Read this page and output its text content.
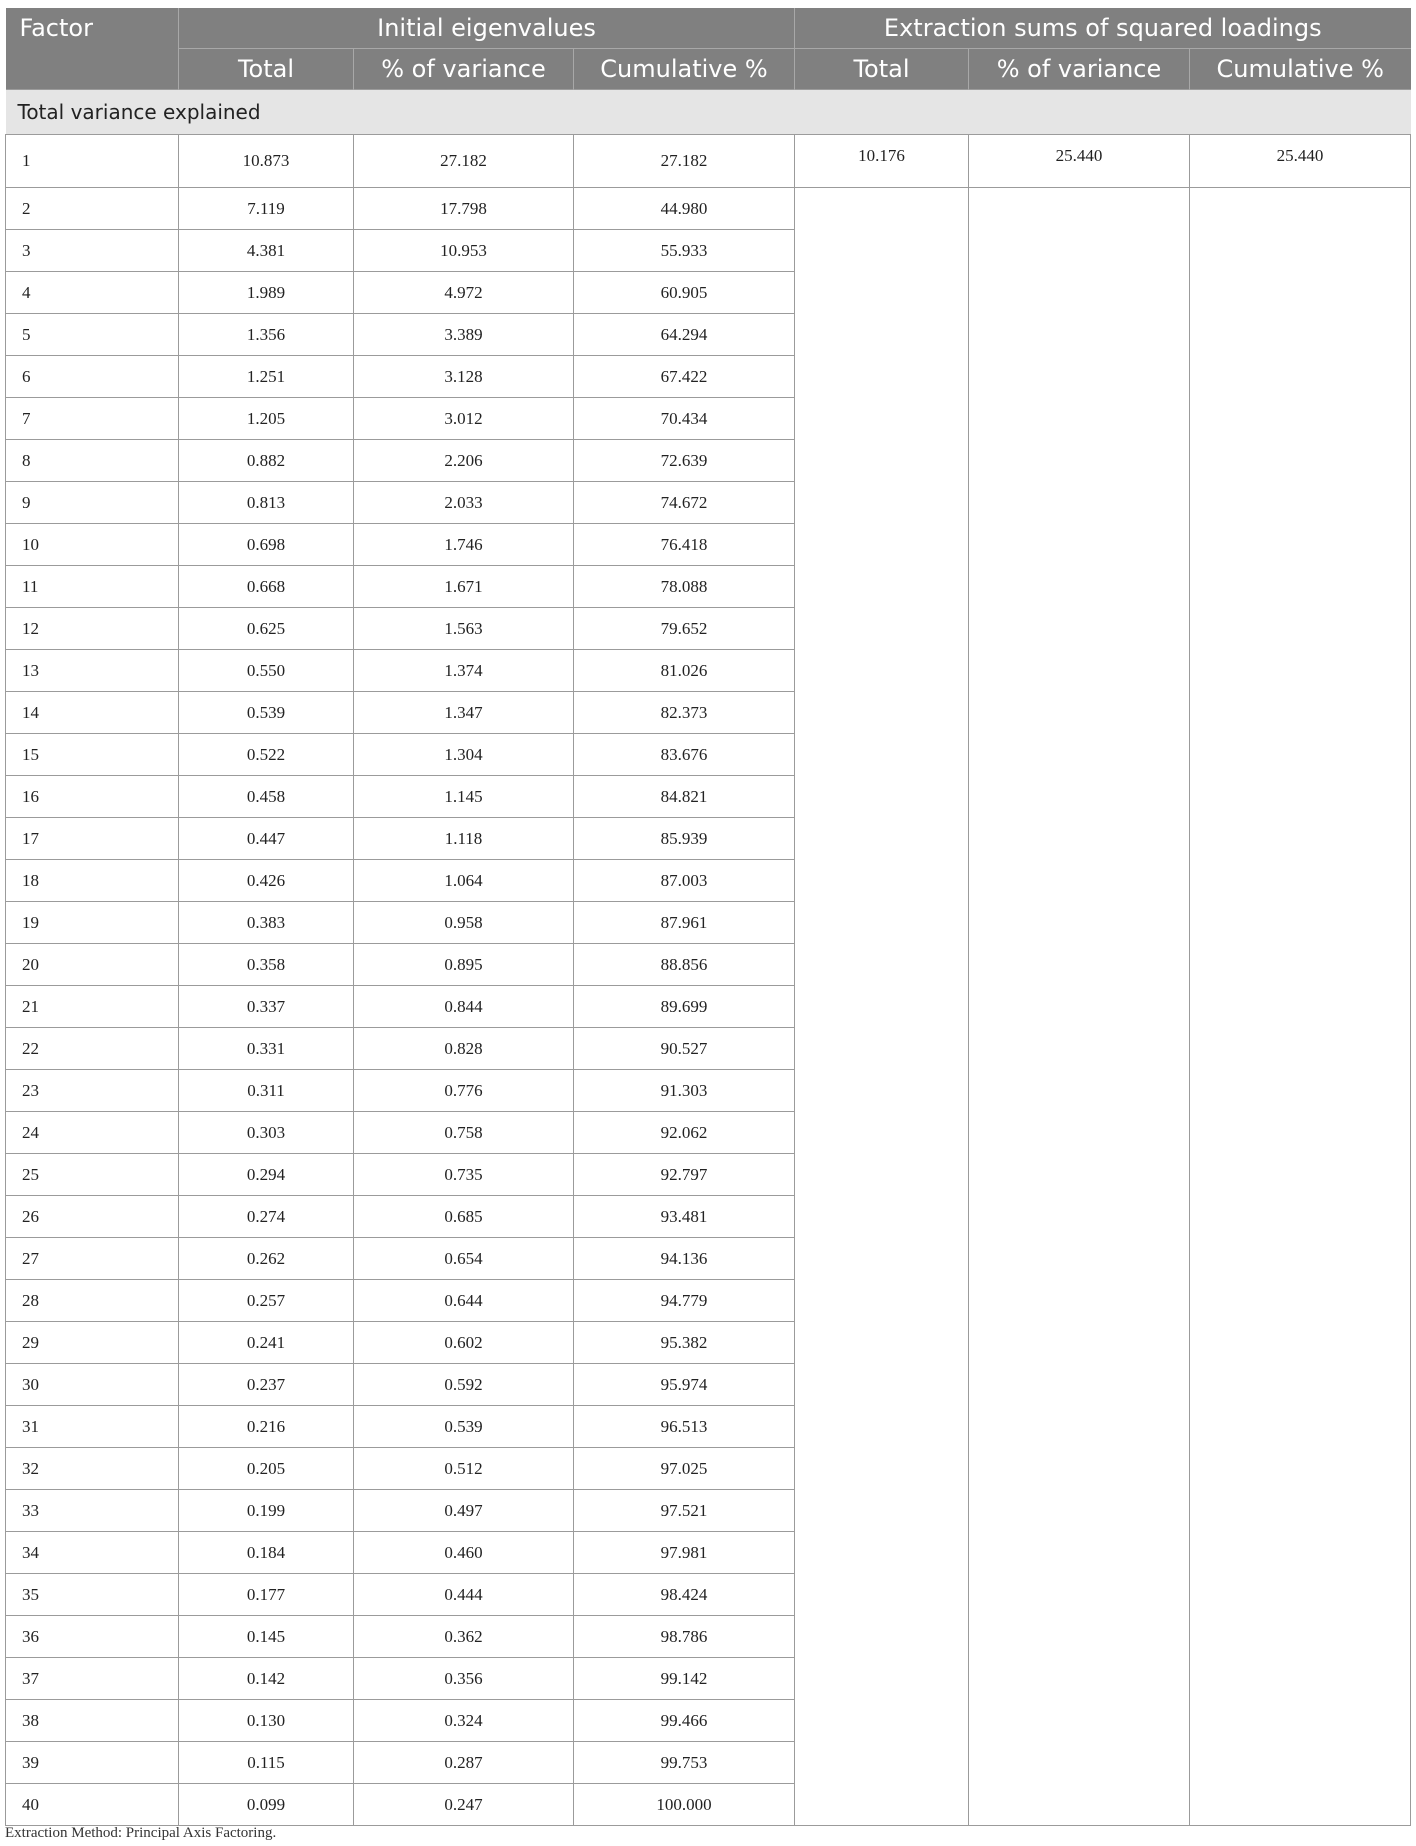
Factor	Initial eigenvalues			Extraction sums of squared loadings		
	Total	% of variance	Cumulative %	Total	% of variance	Cumulative %
Total variance explained						
1	10.873	27.182	27.182	10.176	25.440	25.440
2	7.119	17.798	44.980			
3	4.381	10.953	55.933			
4	1.989	4.972	60.905			
5	1.356	3.389	64.294			
6	1.251	3.128	67.422			
7	1.205	3.012	70.434			
8	0.882	2.206	72.639			
9	0.813	2.033	74.672			
10	0.698	1.746	76.418			
11	0.668	1.671	78.088			
12	0.625	1.563	79.652			
13	0.550	1.374	81.026			
14	0.539	1.347	82.373			
15	0.522	1.304	83.676			
16	0.458	1.145	84.821			
17	0.447	1.118	85.939			
18	0.426	1.064	87.003			
19	0.383	0.958	87.961			
20	0.358	0.895	88.856			
21	0.337	0.844	89.699			
22	0.331	0.828	90.527			
23	0.311	0.776	91.303			
24	0.303	0.758	92.062			
25	0.294	0.735	92.797			
26	0.274	0.685	93.481			
27	0.262	0.654	94.136			
28	0.257	0.644	94.779			
29	0.241	0.602	95.382			
30	0.237	0.592	95.974			
31	0.216	0.539	96.513			
32	0.205	0.512	97.025			
33	0.199	0.497	97.521			
34	0.184	0.460	97.981			
35	0.177	0.444	98.424			
36	0.145	0.362	98.786			
37	0.142	0.356	99.142			
38	0.130	0.324	99.466			
39	0.115	0.287	99.753			
40	0.099	0.247	100.000			
Extraction Method: Principal Axis Factoring.
